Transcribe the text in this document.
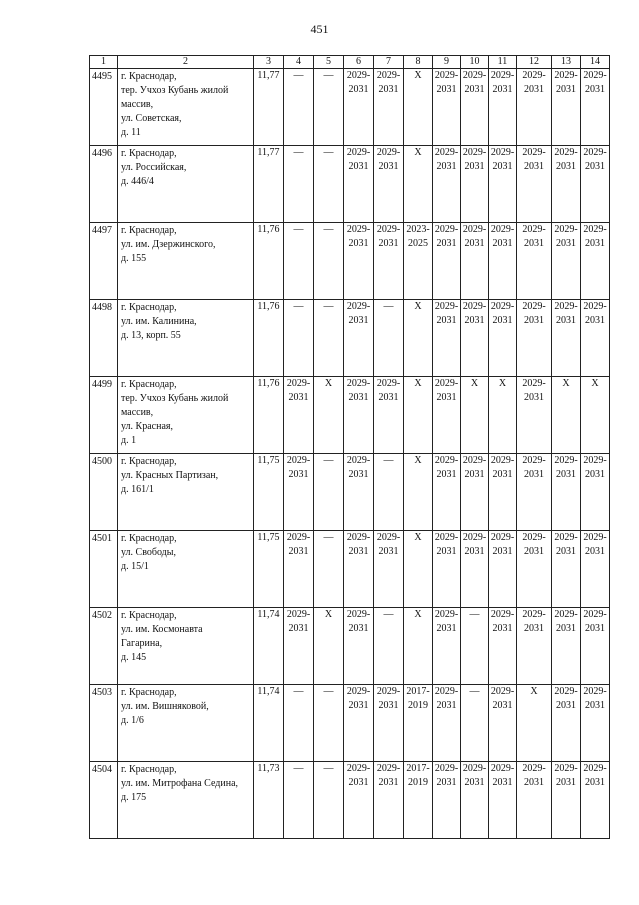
451
1	2	3	4	5	6	7	8	9	10	11	12	13	14
4495	г. Краснодар,
тер. Учхоз Кубань жилой
массив,
ул. Советская,
д. 11	11,77	—	—	2029-
2031	2029-
2031	Х	2029-
2031	2029-
2031	2029-
2031	2029-
2031	2029-
2031	2029-
2031
4496	г. Краснодар,
ул. Российская,
д. 446/4	11,77	—	—	2029-
2031	2029-
2031	Х	2029-
2031	2029-
2031	2029-
2031	2029-
2031	2029-
2031	2029-
2031
4497	г. Краснодар,
ул. им. Дзержинского,
д. 155	11,76	—	—	2029-
2031	2029-
2031	2023-
2025	2029-
2031	2029-
2031	2029-
2031	2029-
2031	2029-
2031	2029-
2031
4498	г. Краснодар,
ул. им. Калинина,
д. 13, корп. 55	11,76	—	—	2029-
2031	—	Х	2029-
2031	2029-
2031	2029-
2031	2029-
2031	2029-
2031	2029-
2031
4499	г. Краснодар,
тер. Учхоз Кубань жилой
массив,
ул. Красная,
д. 1	11,76	2029-
2031	Х	2029-
2031	2029-
2031	Х	2029-
2031	Х	Х	2029-
2031	Х	Х
4500	г. Краснодар,
ул. Красных Партизан,
д. 161/1	11,75	2029-
2031	—	2029-
2031	—	Х	2029-
2031	2029-
2031	2029-
2031	2029-
2031	2029-
2031	2029-
2031
4501	г. Краснодар,
ул. Свободы,
д. 15/1	11,75	2029-
2031	—	2029-
2031	2029-
2031	Х	2029-
2031	2029-
2031	2029-
2031	2029-
2031	2029-
2031	2029-
2031
4502	г. Краснодар,
ул. им. Космонавта
Гагарина,
д. 145	11,74	2029-
2031	Х	2029-
2031	—	Х	2029-
2031	—	2029-
2031	2029-
2031	2029-
2031	2029-
2031
4503	г. Краснодар,
ул. им. Вишняковой,
д. 1/6	11,74	—	—	2029-
2031	2029-
2031	2017-
2019	2029-
2031	—	2029-
2031	Х	2029-
2031	2029-
2031
4504	г. Краснодар,
ул. им. Митрофана Седина,
д. 175	11,73	—	—	2029-
2031	2029-
2031	2017-
2019	2029-
2031	2029-
2031	2029-
2031	2029-
2031	2029-
2031	2029-
2031
